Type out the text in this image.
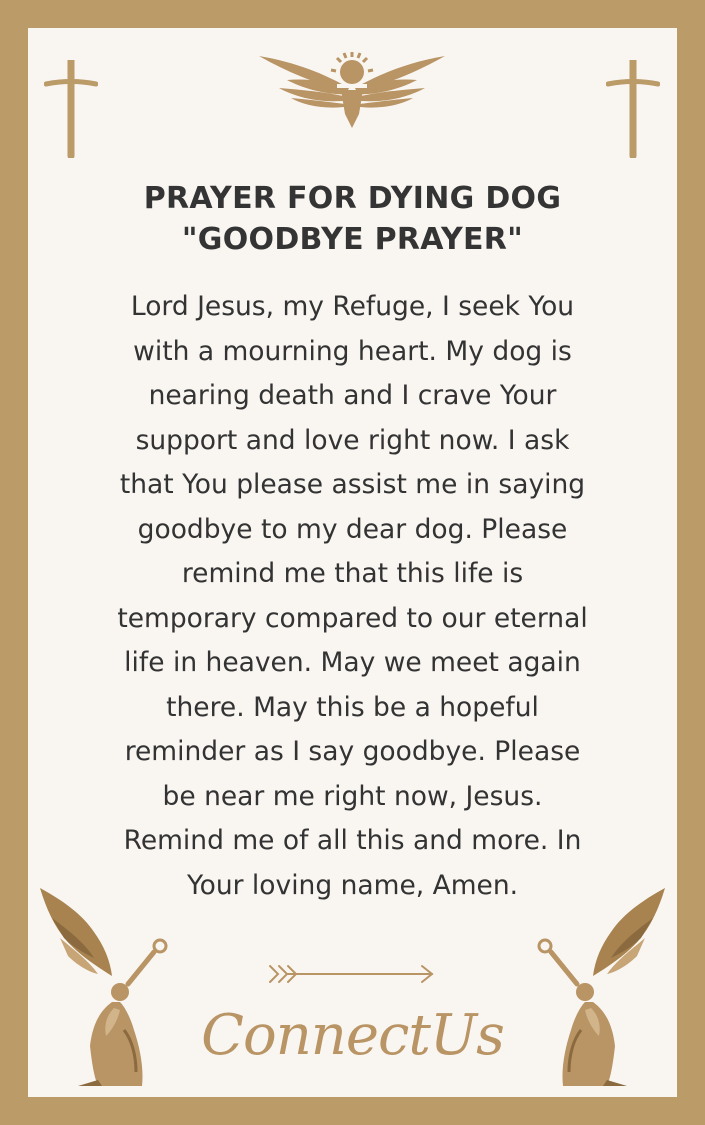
PRAYER FOR DYING DOG
"GOODBYE PRAYER"
Lord Jesus, my Refuge, I seek You
with a mourning heart. My dog is
nearing death and I crave Your
support and love right now. I ask
that You please assist me in saying
goodbye to my dear dog. Please
remind me that this life is
temporary compared to our eternal
life in heaven. May we meet again
there. May this be a hopeful
reminder as I say goodbye. Please
be near me right now, Jesus.
Remind me of all this and more. In
Your loving name, Amen.
ConnectUs
